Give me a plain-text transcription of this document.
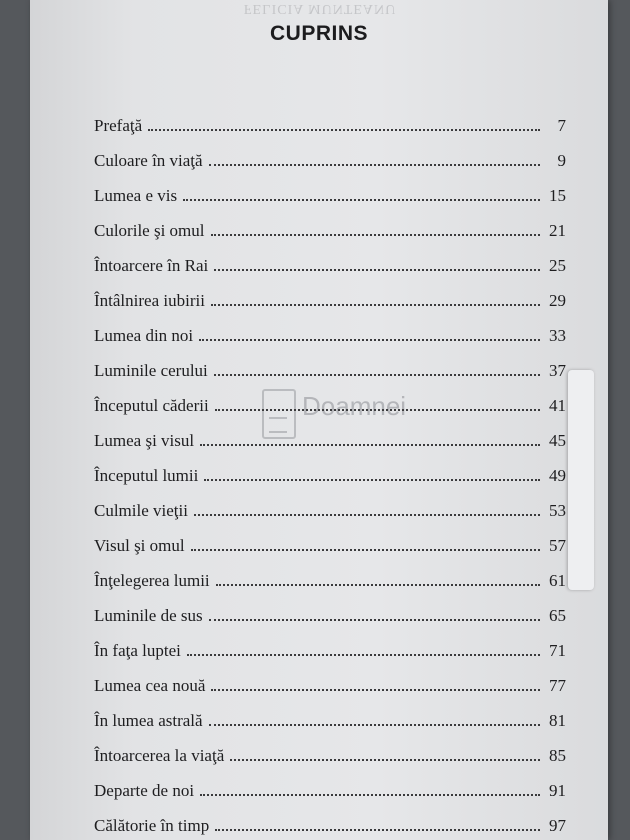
FELICIA MUNTEANU
CUPRINS
Doamnei
Prefaţă	7
Culoare în viaţă	9
Lumea e vis	15
Culorile şi omul	21
Întoarcere în Rai	25
Întâlnirea iubirii	29
Lumea din noi	33
Luminile cerului	37
Începutul căderii	41
Lumea şi visul	45
Începutul lumii	49
Culmile vieţii	53
Visul şi omul	57
Înţelegerea lumii	61
Luminile de sus	65
În faţa luptei	71
Lumea cea nouă	77
În lumea astrală	81
Întoarcerea la viaţă	85
Departe de noi	91
Călătorie în timp	97
